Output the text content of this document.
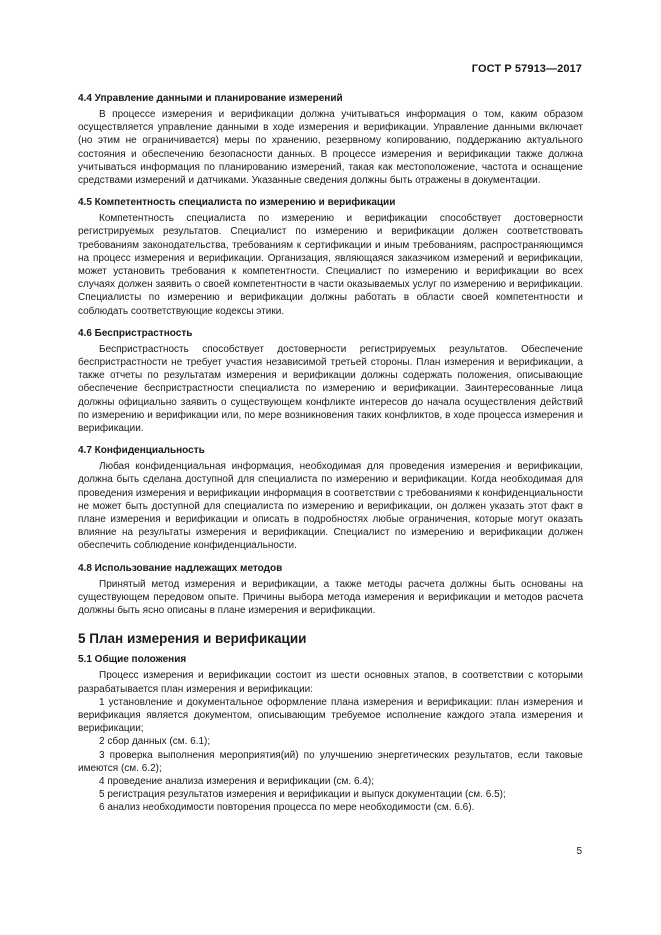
ГОСТ Р 57913—2017
4.4 Управление данными и планирование измерений

В процессе измерения и верификации должна учитываться информация о том, каким образом осуществляется управление данными в ходе измерения и верификации. Управление данными включает (но этим не ограничивается) меры по хранению, резервному копированию, поддержанию актуального состояния и обеспечению безопасности данных. В процессе измерения и верификации также должна учитываться информация по планированию измерений, такая как местоположение, частота и оснащение средствами измерений и датчиками. Указанные сведения должны быть отражены в документации.

4.5 Компетентность специалиста по измерению и верификации

Компетентность специалиста по измерению и верификации способствует достоверности регистрируемых результатов. Специалист по измерению и верификации должен соответствовать требованиям законодательства, требованиям к сертификации и иным требованиям, распространяющимся на процесс измерения и верификации. Организация, являющаяся заказчиком измерений и верификации, может установить требования к компетентности. Специалист по измерению и верификации во всех случаях должен заявить о своей компетентности в части оказываемых услуг по измерению и верификации. Специалисты по измерению и верификации должны работать в области своей компетентности и соблюдать соответствующие кодексы этики.

4.6 Беспристрастность

Беспристрастность способствует достоверности регистрируемых результатов. Обеспечение беспристрастности не требует участия независимой третьей стороны. План измерения и верификации, а также отчеты по результатам измерения и верификации должны содержать положения, описывающие обеспечение беспристрастности специалиста по измерению и верификации. Заинтересованные лица должны официально заявить о существующем конфликте интересов до начала осуществления действий по измерению и верификации или, по мере возникновения таких конфликтов, в ходе процесса измерения и верификации.

4.7 Конфиденциальность

Любая конфиденциальная информация, необходимая для проведения измерения и верификации, должна быть сделана доступной для специалиста по измерению и верификации. Когда необходимая для проведения измерения и верификации информация в соответствии с требованиями к конфиденциальности не может быть доступной для специалиста по измерению и верификации, он должен указать этот факт в плане измерения и верификации и описать в подробностях любые ограничения, которые могут оказать влияние на результаты измерения и верификации. Специалист по измерению и верификации должен обеспечить соблюдение конфиденциальности.

4.8 Использование надлежащих методов

Принятый метод измерения и верификации, а также методы расчета должны быть основаны на существующем передовом опыте. Причины выбора метода измерения и верификации и методов расчета должны быть ясно описаны в плане измерения и верификации.

5 План измерения и верификации
5.1 Общие положения

Процесс измерения и верификации состоит из шести основных этапов, в соответствии с которыми разрабатывается план измерения и верификации:

1 установление и документальное оформление плана измерения и верификации: план измерения и верификация является документом, описывающим требуемое исполнение каждого этапа измерения и верификации;

2 сбор данных (см. 6.1);

3 проверка выполнения мероприятия(ий) по улучшению энергетических результатов, если таковые имеются (см. 6.2);

4 проведение анализа измерения и верификации (см. 6.4);

5 регистрация результатов измерения и верификации и выпуск документации (см. 6.5);

6 анализ необходимости повторения процесса по мере необходимости (см. 6.6).

5
